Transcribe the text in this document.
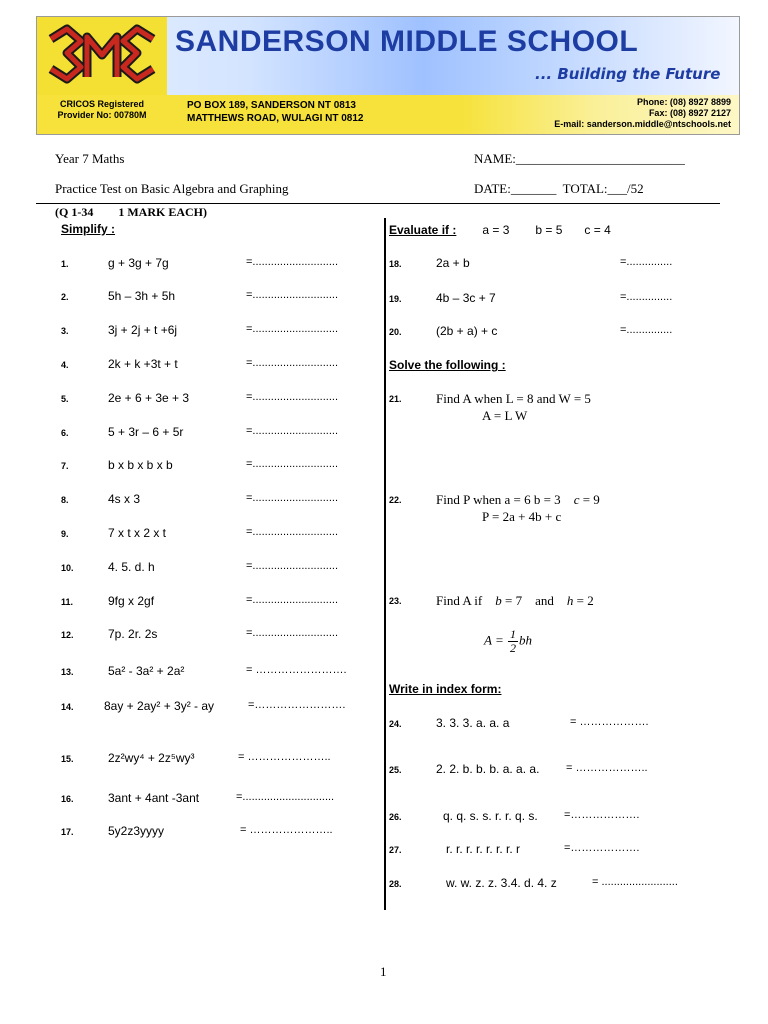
SANDERSON MIDDLE SCHOOL
... Building the Future
CRICOS Registered
Provider No: 00780M
PO BOX 189, SANDERSON NT 0813
MATTHEWS ROAD, WULAGI NT 0812
Phone: (08) 8927 8899
Fax: (08) 8927 2127
E-mail: sanderson.middle@ntschools.net
Year 7 Maths
Practice Test on Basic Algebra and Graphing
NAME:__________________________
DATE:_______ TOTAL:___/52
(Q 1-34 1 MARK EACH)
Simplify :
1.	g + 3g + 7g	=............................
2.	5h – 3h + 5h	=............................
3.	3j + 2j + t +6j	=............................
4.	2k + k +3t + t	=............................
5.	2e + 6 + 3e + 3	=............................
6.	5 + 3r – 6 + 5r	=............................
7.	b x b x b x b	=............................
8.	4s x 3	=............................
9.	7 x t x 2 x t	=............................
10.	4. 5. d. h	=............................
11.	9fg x 2gf	=............................
12.	7p. 2r. 2s	=............................
13.	5a² - 3a² + 2a²	= …………………….
14.	8ay + 2ay² + 3y² - ay	=…………………….
15.	2z²wy⁴ + 2z⁵wy³	= …………………..
16.	3ant + 4ant -3ant	=..............................
17.	5y2z3yyyy	= …………………..
Evaluate if : a = 3 b = 5 c = 4
18.	2a + b	=...............
19.	4b – 3c + 7	=...............
20.	(2b + a) + c	=...............
Solve the following :
21.	Find A when L = 8 and W = 5
A = L W
22.	Find P when a = 6 b = 3 c = 9
P = 2a + 4b + c
23.	Find A if b = 7 and h = 2
$A = \frac{1}{2}$ bh
Write in index form:
24.	3. 3. 3. a. a. a	= ……………….
25.	2. 2. b. b. b. a. a. a. = ………………..
26.	q. q. s. s. r. r. q. s. =……………….
27.	r. r. r. r. r. r. r. r	=……………….
28.	w. w. z. z. 3.4. d. 4. z	= .........................
1
